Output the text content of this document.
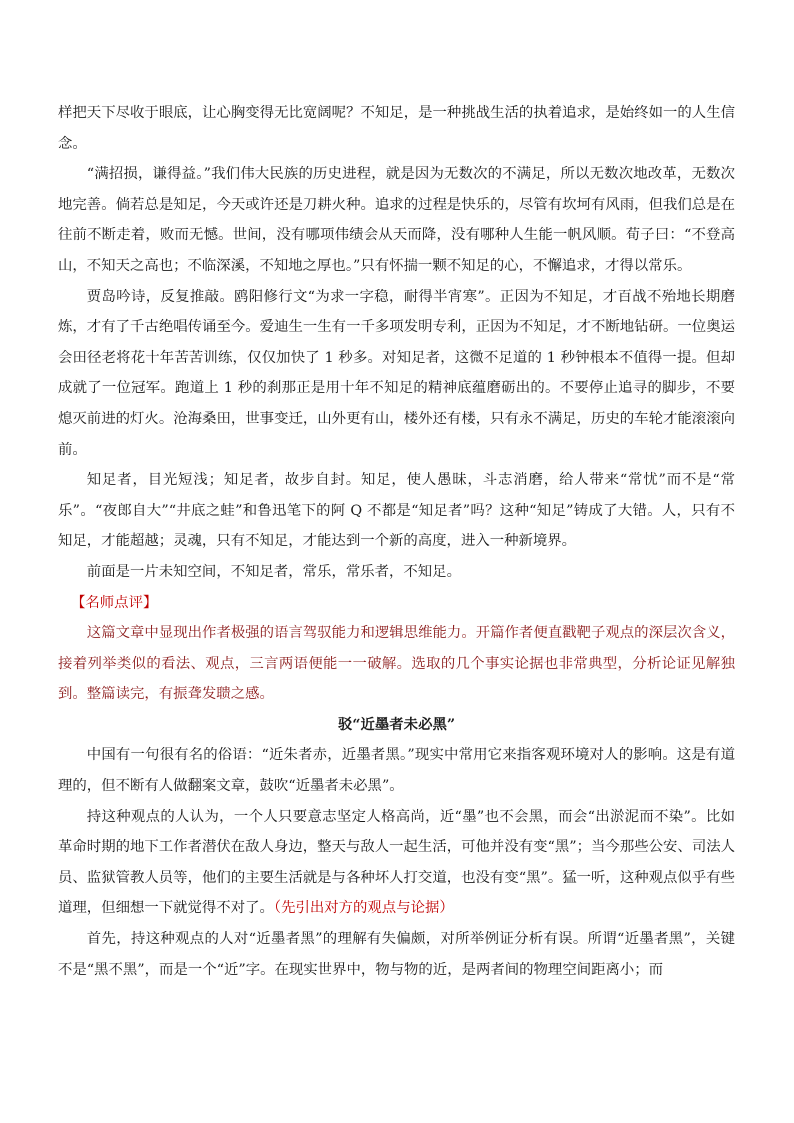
样把天下尽收于眼底，让心胸变得无比宽阔呢？不知足，是一种挑战生活的执着追求，是始终如一的人生信念。

“满招损，谦得益。”我们伟大民族的历史进程，就是因为无数次的不满足，所以无数次地改革，无数次地完善。倘若总是知足，今天或许还是刀耕火种。追求的过程是快乐的，尽管有坎坷有风雨，但我们总是在往前不断走着，败而无憾。世间，没有哪项伟绩会从天而降，没有哪种人生能一帆风顺。荀子曰：“不登高山，不知天之高也；不临深溪，不知地之厚也。”只有怀揣一颗不知足的心，不懈追求，才得以常乐。

贾岛吟诗，反复推敲。鸥阳修行文“为求一字稳，耐得半宵寒”。正因为不知足，才百战不殆地长期磨炼，才有了千古绝唱传诵至今。爱迪生一生有一千多项发明专利，正因为不知足，才不断地钻研。一位奥运会田径老将花十年苦苦训练，仅仅加快了 1 秒多。对知足者，这微不足道的 1 秒钟根本不值得一提。但却成就了一位冠军。跑道上 1 秒的刹那正是用十年不知足的精神底蕴磨砺出的。不要停止追寻的脚步，不要熄灭前进的灯火。沧海桑田，世事变迁，山外更有山，楼外还有楼，只有永不满足，历史的车轮才能滚滚向前。

知足者，目光短浅；知足者，故步自封。知足，使人愚昧，斗志消磨，给人带来“常忧”而不是“常乐”。“夜郎自大”“井底之蛙”和鲁迅笔下的阿 Q 不都是“知足者”吗？这种“知足”铸成了大错。人，只有不知足，才能超越；灵魂，只有不知足，才能达到一个新的高度，进入一种新境界。

前面是一片未知空间，不知足者，常乐，常乐者，不知足。

【名师点评】

这篇文章中显现出作者极强的语言驾驭能力和逻辑思维能力。开篇作者便直戳靶子观点的深层次含义，接着列举类似的看法、观点，三言两语便能一一破解。选取的几个事实论据也非常典型，分析论证见解独到。整篇读完，有振聋发聩之感。

驳“近墨者未必黑”

中国有一句很有名的俗语：“近朱者赤，近墨者黑。”现实中常用它来指客观环境对人的影响。这是有道理的，但不断有人做翻案文章，鼓吹“近墨者未必黑”。

持这种观点的人认为，一个人只要意志坚定人格高尚，近“墨”也不会黑，而会“出淤泥而不染”。比如革命时期的地下工作者潜伏在敌人身边，整天与敌人一起生活，可他并没有变“黑”；当今那些公安、司法人员、监狱管教人员等，他们的主要生活就是与各种坏人打交道，也没有变“黑”。猛一听，这种观点似乎有些道理，但细想一下就觉得不对了。（先引出对方的观点与论据）

首先，持这种观点的人对“近墨者黑”的理解有失偏颇，对所举例证分析有误。所谓“近墨者黑”，关键不是“黑不黑”，而是一个“近”字。在现实世界中，物与物的近，是两者间的物理空间距离小；而
